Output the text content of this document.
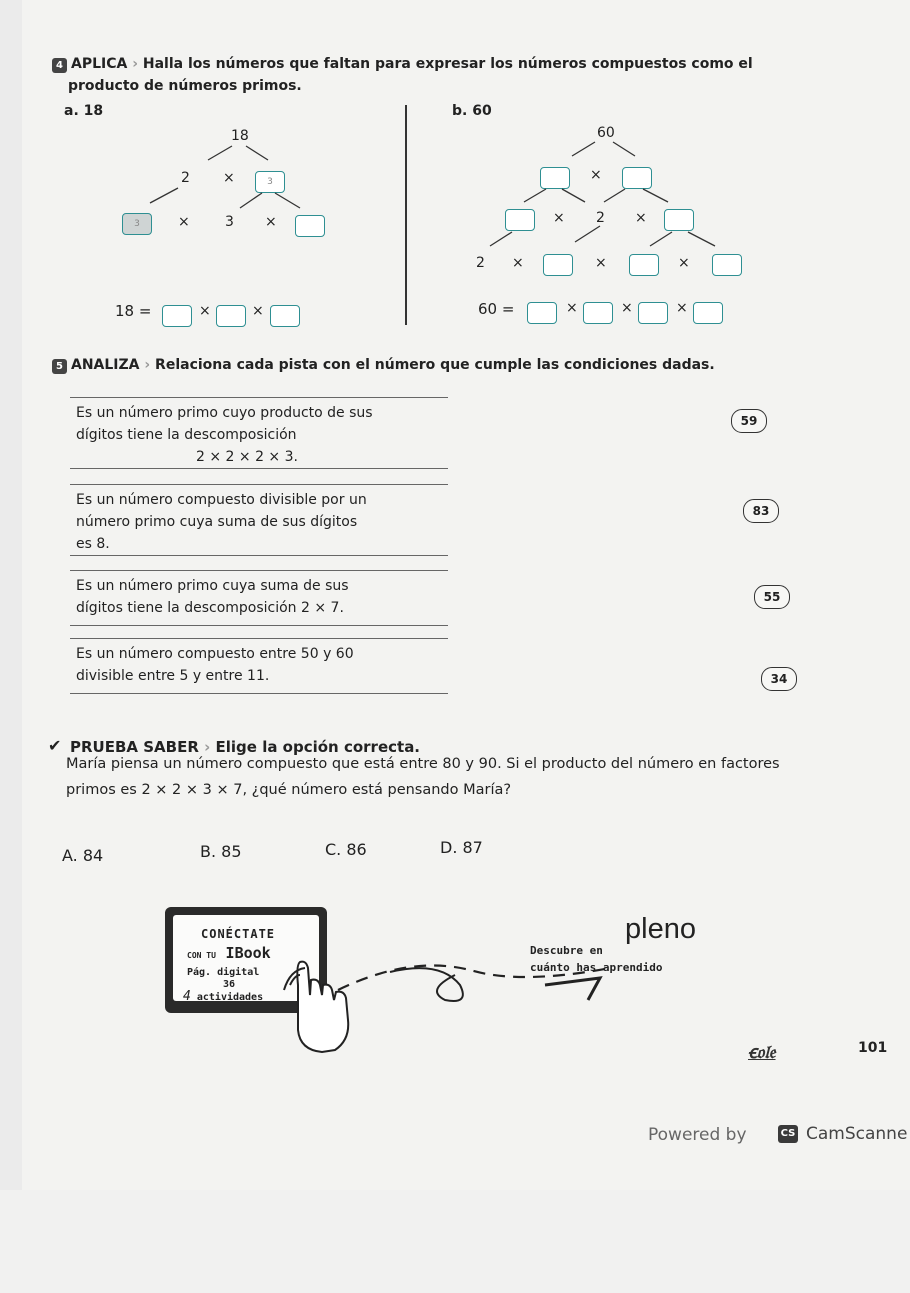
4 APLICA › Halla los números que faltan para expresar los números compuestos como el
producto de números primos.
a. 18
18
2 ×	3
3	×	3 ×
18 =	×	×
b. 60
60
×
× 2 ×
2 ×	×	×
60 =	×	×	×
5 ANALIZA › Relaciona cada pista con el número que cumple las condiciones dadas.
Es un número primo cuyo producto de sus
dígitos tiene la descomposición
2 × 2 × 2 × 3.
Es un número compuesto divisible por un
número primo cuya suma de sus dígitos
es 8.
Es un número primo cuya suma de sus
dígitos tiene la descomposición 2 × 7.
Es un número compuesto entre 50 y 60
divisible entre 5 y entre 11.
59
83
55
34
✔ PRUEBA SABER › Elige la opción correcta.
María piensa un número compuesto que está entre 80 y 90. Si el producto del número en factores
primos es 2 × 2 × 3 × 7, ¿qué número está pensando María?
A. 84	B. 85	C. 86	D. 87
CONÉCTATE
CON TU IBook
Pág. digital
36
4 actividades
Descubre en
pleno
cuánto has aprendido
ꞓ𝔬𝔩𝔢	101
Powered by	CS CamScanne
